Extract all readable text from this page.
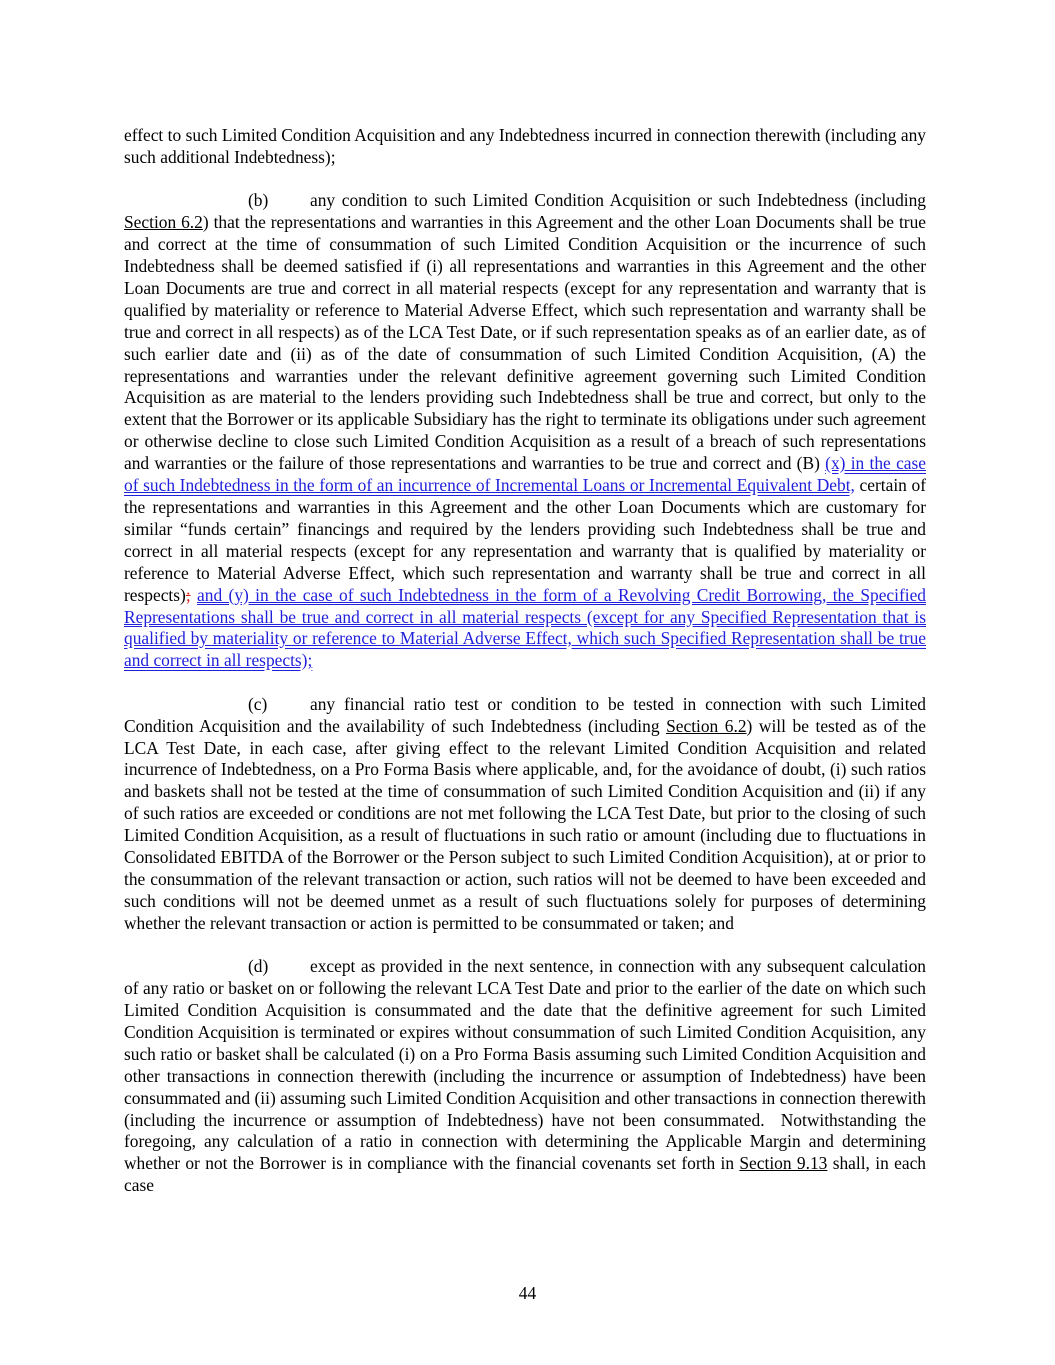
effect to such Limited Condition Acquisition and any Indebtedness incurred in connection therewith (including any such additional Indebtedness);

(b) any condition to such Limited Condition Acquisition or such Indebtedness (including Section 6.2) that the representations and warranties in this Agreement and the other Loan Documents shall be true and correct at the time of consummation of such Limited Condition Acquisition or the incurrence of such Indebtedness shall be deemed satisfied if (i) all representations and warranties in this Agreement and the other Loan Documents are true and correct in all material respects (except for any representation and warranty that is qualified by materiality or reference to Material Adverse Effect, which such representation and warranty shall be true and correct in all respects) as of the LCA Test Date, or if such representation speaks as of an earlier date, as of such earlier date and (ii) as of the date of consummation of such Limited Condition Acquisition, (A) the representations and warranties under the relevant definitive agreement governing such Limited Condition Acquisition as are material to the lenders providing such Indebtedness shall be true and correct, but only to the extent that the Borrower or its applicable Subsidiary has the right to terminate its obligations under such agreement or otherwise decline to close such Limited Condition Acquisition as a result of a breach of such representations and warranties or the failure of those representations and warranties to be true and correct and (B) (x) in the case of such Indebtedness in the form of an incurrence of Incremental Loans or Incremental Equivalent Debt, certain of the representations and warranties in this Agreement and the other Loan Documents which are customary for similar “funds certain” financings and required by the lenders providing such Indebtedness shall be true and correct in all material respects (except for any representation and warranty that is qualified by materiality or reference to Material Adverse Effect, which such representation and warranty shall be true and correct in all respects); and (y) in the case of such Indebtedness in the form of a Revolving Credit Borrowing, the Specified Representations shall be true and correct in all material respects (except for any Specified Representation that is qualified by materiality or reference to Material Adverse Effect, which such Specified Representation shall be true and correct in all respects);

(c) any financial ratio test or condition to be tested in connection with such Limited Condition Acquisition and the availability of such Indebtedness (including Section 6.2) will be tested as of the LCA Test Date, in each case, after giving effect to the relevant Limited Condition Acquisition and related incurrence of Indebtedness, on a Pro Forma Basis where applicable, and, for the avoidance of doubt, (i) such ratios and baskets shall not be tested at the time of consummation of such Limited Condition Acquisition and (ii) if any of such ratios are exceeded or conditions are not met following the LCA Test Date, but prior to the closing of such Limited Condition Acquisition, as a result of fluctuations in such ratio or amount (including due to fluctuations in Consolidated EBITDA of the Borrower or the Person subject to such Limited Condition Acquisition), at or prior to the consummation of the relevant transaction or action, such ratios will not be deemed to have been exceeded and such conditions will not be deemed unmet as a result of such fluctuations solely for purposes of determining whether the relevant transaction or action is permitted to be consummated or taken; and

(d) except as provided in the next sentence, in connection with any subsequent calculation of any ratio or basket on or following the relevant LCA Test Date and prior to the earlier of the date on which such Limited Condition Acquisition is consummated and the date that the definitive agreement for such Limited Condition Acquisition is terminated or expires without consummation of such Limited Condition Acquisition, any such ratio or basket shall be calculated (i) on a Pro Forma Basis assuming such Limited Condition Acquisition and other transactions in connection therewith (including the incurrence or assumption of Indebtedness) have been consummated and (ii) assuming such Limited Condition Acquisition and other transactions in connection therewith (including the incurrence or assumption of Indebtedness) have not been consummated.  Notwithstanding the foregoing, any calculation of a ratio in connection with determining the Applicable Margin and determining whether or not the Borrower is in compliance with the financial covenants set forth in Section 9.13 shall, in each case

44
